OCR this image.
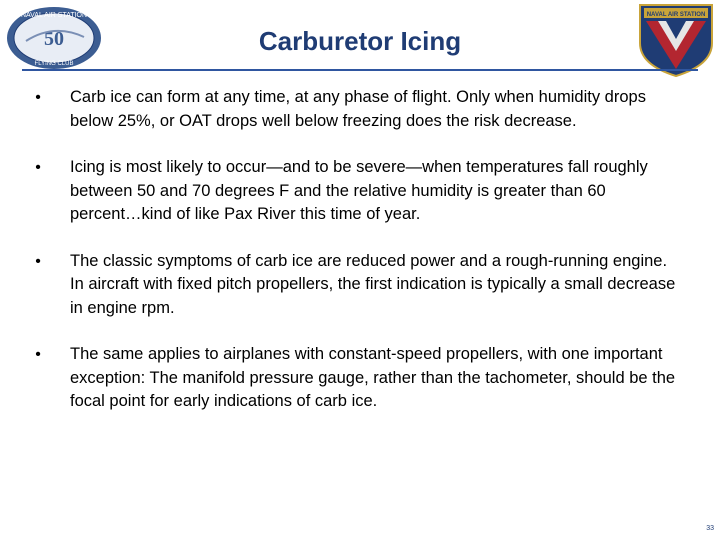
NAVAL AIR STATION
50
FLYING CLUB
Carburetor Icing
NAVAL AIR STATION
•	Carb ice can form at any time, at any phase of flight. Only when humidity drops below 25%, or OAT drops well below freezing does the risk decrease.
•	Icing is most likely to occur—and to be severe—when temperatures fall roughly between 50 and 70 degrees F and the relative humidity is greater than 60 percent…kind of like Pax River this time of year.
•	The classic symptoms of carb ice are reduced power and a rough-running engine. In aircraft with fixed pitch propellers, the first indication is typically a small decrease in engine rpm.
•	The same applies to airplanes with constant-speed propellers, with one important exception: The manifold pressure gauge, rather than the tachometer, should be the focal point for early indications of carb ice.
33
